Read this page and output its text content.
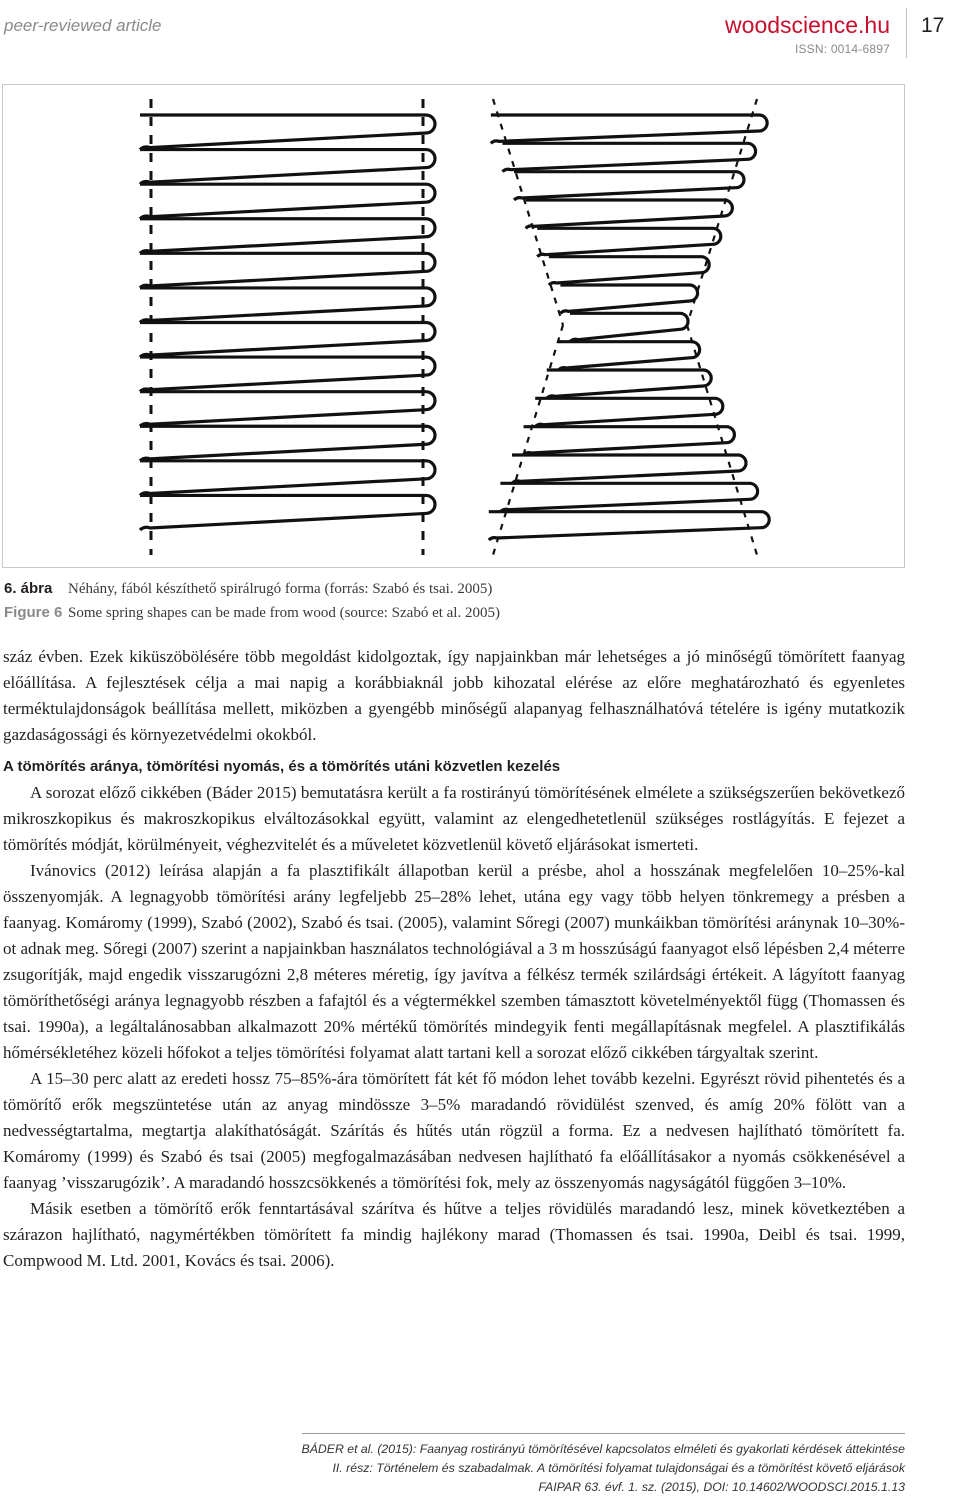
peer-reviewed article	woodscience.hu
ISSN: 0014-6897
17
6. ábra Néhány, fából készíthető spirálrugó forma (forrás: Szabó és tsai. 2005)
Figure 6 Some spring shapes can be made from wood (source: Szabó et al. 2005)

száz évben. Ezek kiküszöbölésére több megoldást kidolgoztak, így napjainkban már lehetséges a jó minőségű tömörített faanyag előállítása. A fejlesztések célja a mai napig a korábbiaknál jobb kihozatal elérése az előre meghatározható és egyenletes terméktulajdonságok beállítása mellett, miközben a gyengébb minőségű alapanyag felhasználhatóvá tételére is igény mutatkozik gazdaságossági és környezetvédelmi okokból.

A tömörítés aránya, tömörítési nyomás, és a tömörítés utáni közvetlen kezelés

A sorozat előző cikkében (Báder 2015) bemutatásra került a fa rostirányú tömörítésének elmélete a szükségszerűen bekövetkező mikroszkopikus és makroszkopikus elváltozásokkal együtt, valamint az elengedhetetlenül szükséges rostlágyítás. E fejezet a tömörítés módját, körülményeit, véghezvitelét és a műveletet közvetlenül követő eljárásokat ismerteti.

Ivánovics (2012) leírása alapján a fa plasztifikált állapotban kerül a présbe, ahol a hosszának megfelelően 10–25%-kal összenyomják. A legnagyobb tömörítési arány legfeljebb 25–28% lehet, utána egy vagy több helyen tönkremegy a présben a faanyag. Komáromy (1999), Szabó (2002), Szabó és tsai. (2005), valamint Sőregi (2007) munkáikban tömörítési aránynak 10–30%-ot adnak meg. Sőregi (2007) szerint a napjainkban használatos technológiával a 3 m hosszúságú faanyagot első lépésben 2,4 méterre zsugorítják, majd engedik visszarugózni 2,8 méteres méretig, így javítva a félkész termék szilárdsági értékeit. A lágyított faanyag tömöríthetőségi aránya legnagyobb részben a fafajtól és a végtermékkel szemben támasztott követelményektől függ (Thomassen és tsai. 1990a), a legáltalánosabban alkalmazott 20% mértékű tömörítés mindegyik fenti megállapításnak megfelel. A plasztifikálás hőmérsékletéhez közeli hőfokot a teljes tömörítési folyamat alatt tartani kell a sorozat előző cikkében tárgyaltak szerint.

A 15–30 perc alatt az eredeti hossz 75–85%-ára tömörített fát két fő módon lehet tovább kezelni. Egyrészt rövid pihentetés és a tömörítő erők megszüntetése után az anyag mindössze 3–5% maradandó rövidülést szenved, és amíg 20% fölött van a nedvességtartalma, megtartja alakíthatóságát. Szárítás és hűtés után rögzül a forma. Ez a nedvesen hajlítható tömörített fa. Komáromy (1999) és Szabó és tsai (2005) megfogalmazásában nedvesen hajlítható fa előállításakor a nyomás csökkenésével a faanyag ’visszarugózik’. A maradandó hosszcsökkenés a tömörítési fok, mely az összenyomás nagyságától függően 3–10%.

Másik esetben a tömörítő erők fenntartásával szárítva és hűtve a teljes rövidülés maradandó lesz, minek következtében a szárazon hajlítható, nagymértékben tömörített fa mindig hajlékony marad (Thomassen és tsai. 1990a, Deibl és tsai. 1999, Compwood M. Ltd. 2001, Kovács és tsai. 2006).

BÁDER et al. (2015): Faanyag rostirányú tömörítésével kapcsolatos elméleti és gyakorlati kérdések áttekintése
II. rész: Történelem és szabadalmak. A tömörítési folyamat tulajdonságai és a tömörítést követő eljárások
FAIPAR 63. évf. 1. sz. (2015), DOI: 10.14602/WOODSCI.2015.1.13
